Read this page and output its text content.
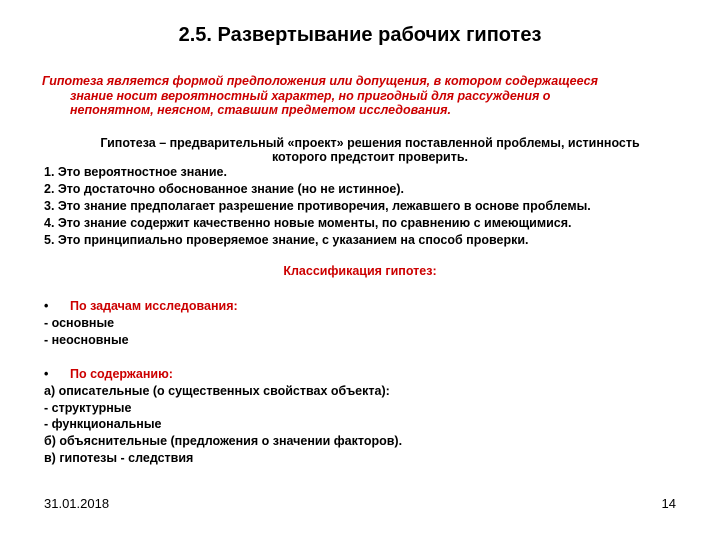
2.5. Развертывание рабочих гипотез
Гипотеза является формой предположения или допущения, в котором содержащееся
знание носит вероятностный характер, но пригодный для рассуждения о
непонятном, неясном, ставшим предметом исследования.
Гипотеза – предварительный «проект» решения поставленной проблемы, истинность
которого предстоит проверить.
1. Это вероятностное знание.
2. Это достаточно обоснованное знание (но не истинное).
3. Это знание предполагает разрешение противоречия, лежавшего в основе проблемы.
4. Это знание содержит качественно новые моменты, по сравнению с имеющимися.
5. Это принципиально проверяемое знание, с указанием на способ проверки.
Классификация гипотез:
• По задачам исследования:
- основные
- неосновные
• По содержанию:
а) описательные (о существенных свойствах объекта):
- структурные
- функциональные
б) объяснительные (предложения о значении факторов).
в) гипотезы - следствия
31.01.2018	14
